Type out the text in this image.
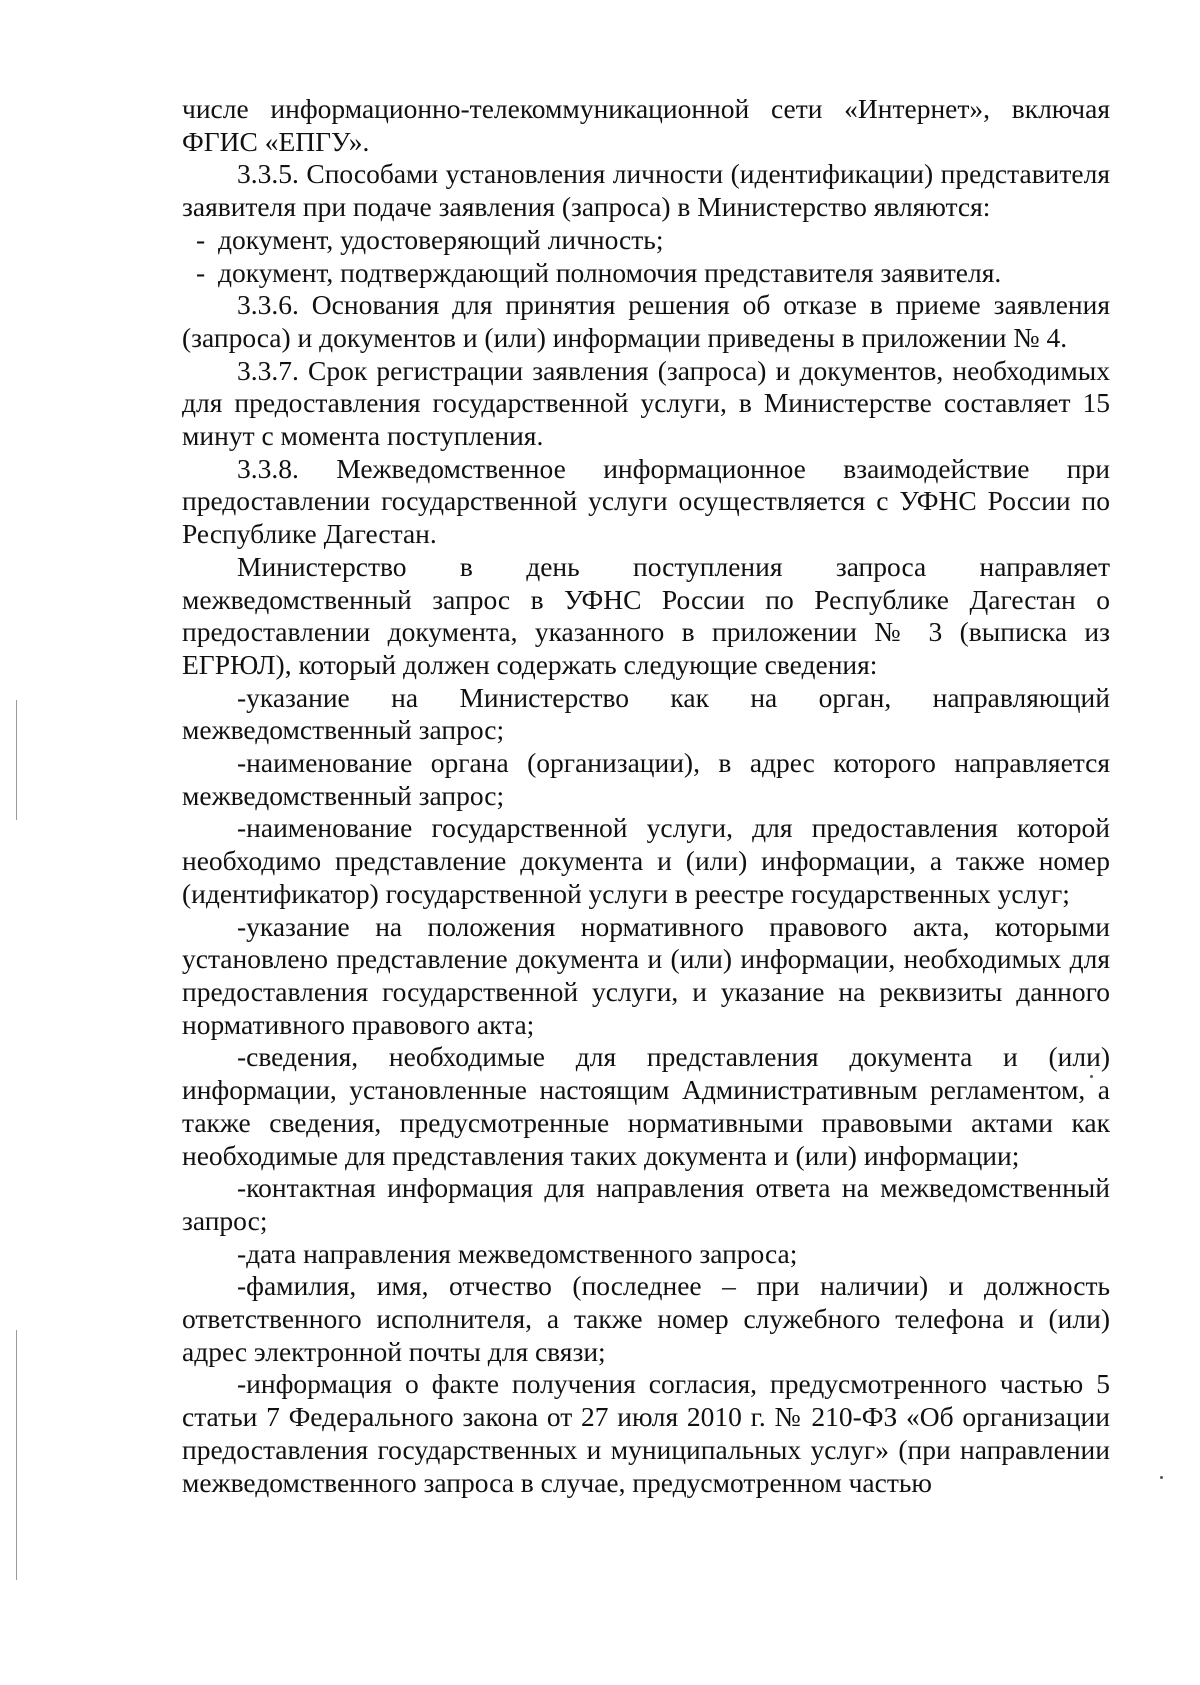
числе информационно-телекоммуникационной сети «Интернет», включая ФГИС «ЕПГУ».

3.3.5. Способами установления личности (идентификации) представителя заявителя при подаче заявления (запроса) в Министерство являются:

- документ, удостоверяющий личность;

- документ, подтверждающий полномочия представителя заявителя.

3.3.6. Основания для принятия решения об отказе в приеме заявления (запроса) и документов и (или) информации приведены в приложении № 4.

3.3.7. Срок регистрации заявления (запроса) и документов, необходимых для предоставления государственной услуги, в Министерстве составляет 15 минут с момента поступления.

3.3.8. Межведомственное информационное взаимодействие при предоставлении государственной услуги осуществляется с УФНС России по Республике Дагестан.

Министерство в день поступления запроса направляет межведомственный запрос в УФНС России по Республике Дагестан о предоставлении документа, указанного в приложении № 3 (выписка из ЕГРЮЛ), который должен содержать следующие сведения:

-указание на Министерство как на орган, направляющий межведомственный запрос;

-наименование органа (организации), в адрес которого направляется межведомственный запрос;

-наименование государственной услуги, для предоставления которой необходимо представление документа и (или) информации, а также номер (идентификатор) государственной услуги в реестре государственных услуг;

-указание на положения нормативного правового акта, которыми установлено представление документа и (или) информации, необходимых для предоставления государственной услуги, и указание на реквизиты данного нормативного правового акта;

-сведения, необходимые для представления документа и (или) информации, установленные настоящим Административным регламентом, а также сведения, предусмотренные нормативными правовыми актами как необходимые для представления таких документа и (или) информации;

-контактная информация для направления ответа на межведомственный запрос;

-дата направления межведомственного запроса;

-фамилия, имя, отчество (последнее – при наличии) и должность ответственного исполнителя, а также номер служебного телефона и (или) адрес электронной почты для связи;

-информация о факте получения согласия, предусмотренного частью 5 статьи 7 Федерального закона от 27 июля 2010 г. № 210-ФЗ «Об организации предоставления государственных и муниципальных услуг» (при направлении межведомственного запроса в случае, предусмотренном частью
